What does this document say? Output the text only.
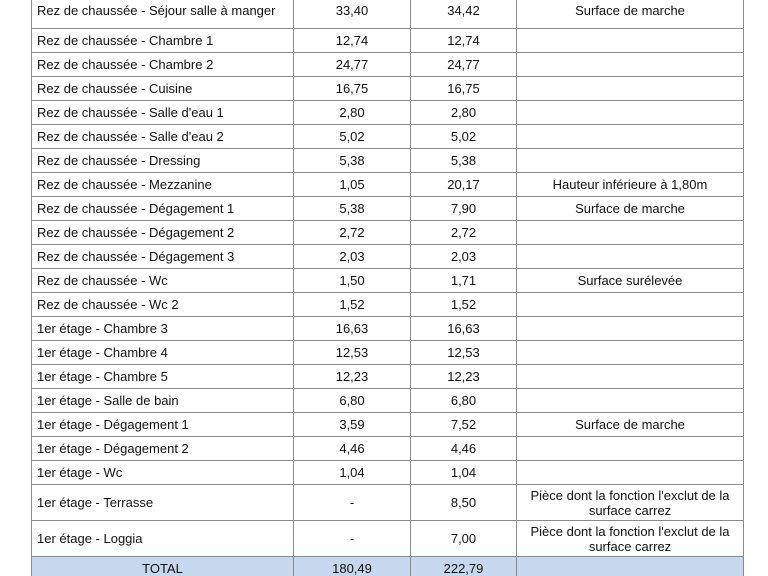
Rez de chaussée - Séjour salle à manger	33,40	34,42	Surface de marche
Rez de chaussée - Chambre 1	12,74	12,74	
Rez de chaussée - Chambre 2	24,77	24,77	
Rez de chaussée - Cuisine	16,75	16,75	
Rez de chaussée - Salle d'eau 1	2,80	2,80	
Rez de chaussée - Salle d'eau 2	5,02	5,02	
Rez de chaussée - Dressing	5,38	5,38	
Rez de chaussée - Mezzanine	1,05	20,17	Hauteur inférieure à 1,80m
Rez de chaussée - Dégagement 1	5,38	7,90	Surface de marche
Rez de chaussée - Dégagement 2	2,72	2,72	
Rez de chaussée - Dégagement 3	2,03	2,03	
Rez de chaussée - Wc	1,50	1,71	Surface surélevée
Rez de chaussée - Wc 2	1,52	1,52	
1er étage - Chambre 3	16,63	16,63	
1er étage - Chambre 4	12,53	12,53	
1er étage - Chambre 5	12,23	12,23	
1er étage - Salle de bain	6,80	6,80	
1er étage - Dégagement 1	3,59	7,52	Surface de marche
1er étage - Dégagement 2	4,46	4,46	
1er étage - Wc	1,04	1,04	
1er étage - Terrasse	-	8,50	Pièce dont la fonction l'exclut de la surface carrez
1er étage - Loggia	-	7,00	Pièce dont la fonction l'exclut de la surface carrez
TOTAL	180,49	222,79	
